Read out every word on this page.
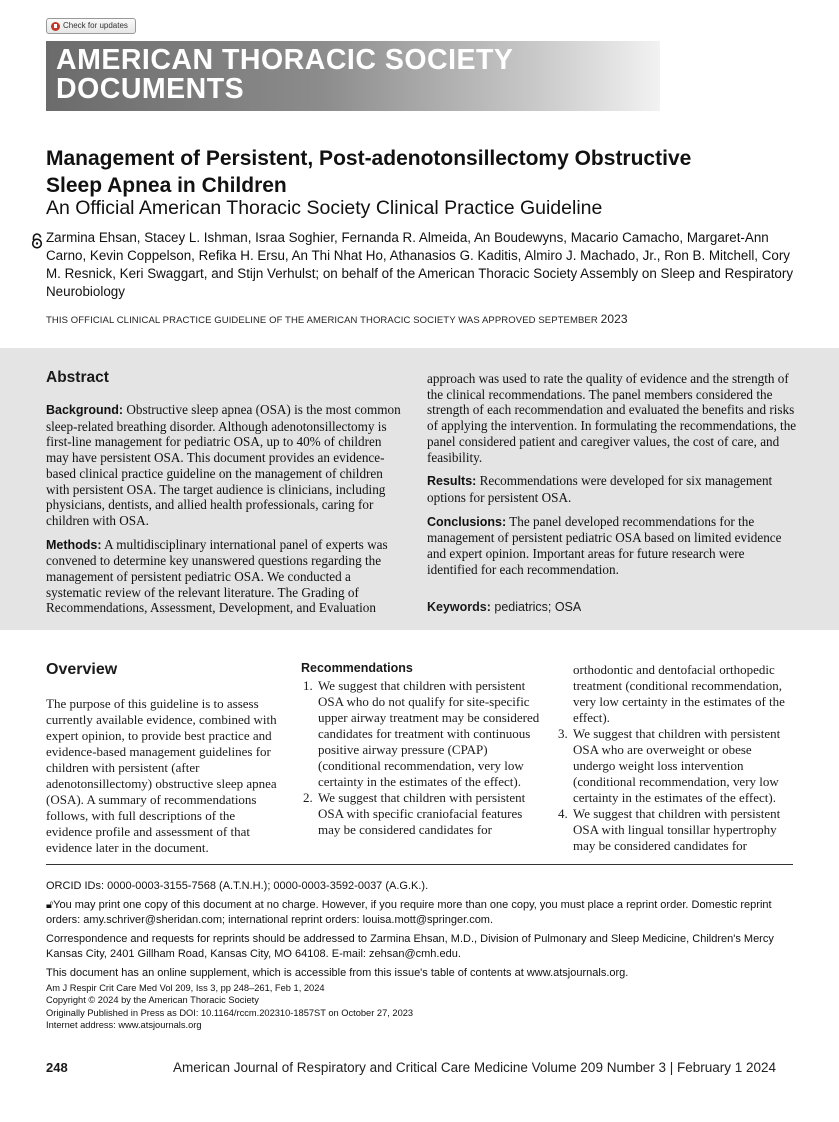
Check for updates
AMERICAN THORACIC SOCIETY
DOCUMENTS
Management of Persistent, Post-adenotonsillectomy Obstructive
Sleep Apnea in Children
An Official American Thoracic Society Clinical Practice Guideline
Zarmina Ehsan, Stacey L. Ishman, Israa Soghier, Fernanda R. Almeida, An Boudewyns, Macario Camacho, Margaret-Ann Carno, Kevin Coppelson, Refika H. Ersu, An Thi Nhat Ho, Athanasios G. Kaditis, Almiro J. Machado, Jr., Ron B. Mitchell, Cory M. Resnick, Keri Swaggart, and Stijn Verhulst; on behalf of the American Thoracic Society Assembly on Sleep and Respiratory Neurobiology
THIS OFFICIAL CLINICAL PRACTICE GUIDELINE OF THE AMERICAN THORACIC SOCIETY WAS APPROVED SEPTEMBER 2023
Abstract

Background: Obstructive sleep apnea (OSA) is the most common sleep-related breathing disorder. Although adenotonsillectomy is first-line management for pediatric OSA, up to 40% of children may have persistent OSA. This document provides an evidence-based clinical practice guideline on the management of children with persistent OSA. The target audience is clinicians, including physicians, dentists, and allied health professionals, caring for children with OSA.

Methods: A multidisciplinary international panel of experts was convened to determine key unanswered questions regarding the management of persistent pediatric OSA. We conducted a systematic review of the relevant literature. The Grading of Recommendations, Assessment, Development, and Evaluation

approach was used to rate the quality of evidence and the strength of the clinical recommendations. The panel members considered the strength of each recommendation and evaluated the benefits and risks of applying the intervention. In formulating the recommendations, the panel considered patient and caregiver values, the cost of care, and feasibility.

Results: Recommendations were developed for six management options for persistent OSA.

Conclusions: The panel developed recommendations for the management of persistent pediatric OSA based on limited evidence and expert opinion. Important areas for future research were identified for each recommendation.

Keywords: pediatrics; OSA
Overview
The purpose of this guideline is to assess currently available evidence, combined with expert opinion, to provide best practice and evidence-based management guidelines for children with persistent (after adenotonsillectomy) obstructive sleep apnea (OSA). A summary of recommendations follows, with full descriptions of the evidence profile and assessment of that evidence later in the document.
Recommendations
1. We suggest that children with persistent OSA who do not qualify for site-specific upper airway treatment may be considered candidates for treatment with continuous positive airway pressure (CPAP) (conditional recommendation, very low certainty in the estimates of the effect).
2. We suggest that children with persistent OSA with specific craniofacial features may be considered candidates for
orthodontic and dentofacial orthopedic treatment (conditional recommendation, very low certainty in the estimates of the effect).
3. We suggest that children with persistent OSA who are overweight or obese undergo weight loss intervention (conditional recommendation, very low certainty in the estimates of the effect).
4. We suggest that children with persistent OSA with lingual tonsillar hypertrophy may be considered candidates for

ORCID IDs: 0000-0003-3155-7568 (A.T.N.H.); 0000-0003-3592-0037 (A.G.K.).

🔓︎You may print one copy of this document at no charge. However, if you require more than one copy, you must place a reprint order. Domestic reprint orders: amy.schriver@sheridan.com; international reprint orders: louisa.mott@springer.com.

Correspondence and requests for reprints should be addressed to Zarmina Ehsan, M.D., Division of Pulmonary and Sleep Medicine, Children's Mercy Kansas City, 2401 Gillham Road, Kansas City, MO 64108. E-mail: zehsan@cmh.edu.

This document has an online supplement, which is accessible from this issue's table of contents at www.atsjournals.org.

Am J Respir Crit Care Med Vol 209, Iss 3, pp 248–261, Feb 1, 2024
Copyright © 2024 by the American Thoracic Society
Originally Published in Press as DOI: 10.1164/rccm.202310-1857ST on October 27, 2023
Internet address: www.atsjournals.org
248	American Journal of Respiratory and Critical Care Medicine Volume 209 Number 3 | February 1 2024
